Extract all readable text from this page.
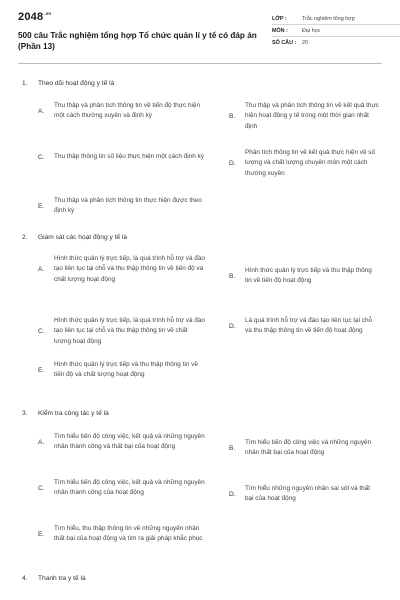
$2048^{.vn}$
500 câu Trắc nghiệm tổng hợp Tổ chức quản lí y tế có đáp án (Phần 13)
LỚP :	Trắc nghiệm tổng hợp
MÔN :	Đại học
SỐ CÂU :	20
1. Theo dõi hoạt động y tế là
A.
Thu thập và phân tích thông tin về tiến độ thực hiện một cách thường xuyên và định kỳ	B.
Thu thập và phân tích thông tin về kết quả thực hiện hoạt động y tế trong một thời gian nhất định
C.	Thu thập thông tin số liệu thực hiện một cách định kỳ
D.
Phân tích thông tin về kết quả thực hiện về số lượng và chất lượng chuyên môn một cách thường xuyên
E.
Thu thập và phân tích thông tin thực hiện được theo định kỳ
2. Giám sát các hoạt động y tế là
A.
Hình thức quản lý trực tiếp, là quá trình hỗ trợ và đào tạo liên tục tại chỗ và thu thập thông tin về tiến độ và chất lượng hoạt động	B.
Hình thức quản lý trực tiếp và thu thập thông tin về tiến độ hoạt động
C.
Hình thức quản lý trực tiếp, là quá trình hỗ trợ và đào tạo liên tục tại chỗ và thu thập thông tin về chất lượng hoạt động
D.
Là quá trình hỗ trợ và đào tạo liên tục tại chỗ và thu thập thông tin về tiến độ hoạt động
E.
Hình thức quản lý trực tiếp và thu thập thông tin về tiến độ và chất lượng hoạt động
3. Kiểm tra công tác y tế là
A.
Tìm hiểu tiến độ công việc, kết quả và những nguyên nhân thành công và thất bại của hoạt động	B.
Tìm hiểu tiến độ công việc và những nguyên nhân thất bại của hoạt động
C.
Tìm hiểu tiến độ công việc, kết quả và những nguyên nhân thành công của hoạt động	D.
Tìm hiểu những nguyên nhân sai sót và thất bại của hoạt động
E.
Tìm hiểu, thu thập thông tin về những nguyên nhân thất bại của hoạt động và tìm ra giải pháp khắc phục
4. Thanh tra y tế là
